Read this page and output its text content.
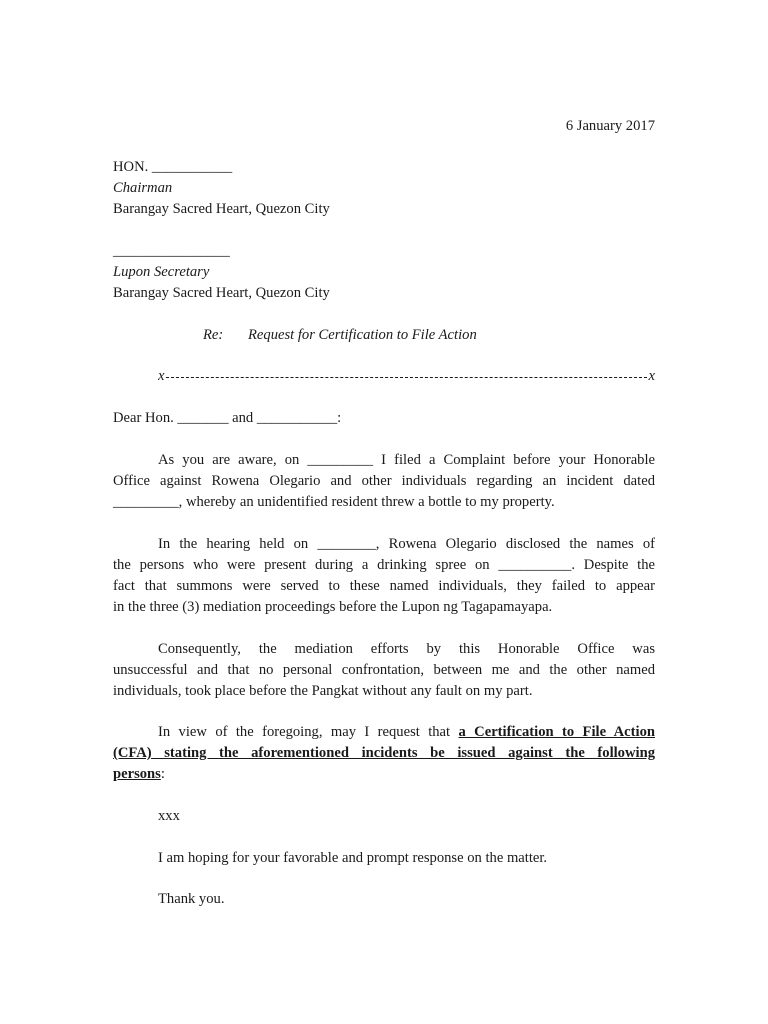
6 January 2017
HON. ___________
Chairman
Barangay Sacred Heart, Quezon City
________________
Lupon Secretary
Barangay Sacred Heart, Quezon City
Re:	Request for Certification to File Action
x	x
Dear Hon. _______ and ___________:
As you are aware, on _________ I filed a Complaint before your Honorable
Office against Rowena Olegario and other individuals regarding an incident dated
_________, whereby an unidentified resident threw a bottle to my property.
In the hearing held on ________, Rowena Olegario disclosed the names of
the persons who were present during a drinking spree on __________. Despite the
fact that summons were served to these named individuals, they failed to appear
in the three (3) mediation proceedings before the Lupon ng Tagapamayapa.
Consequently, the mediation efforts by this Honorable Office was
unsuccessful and that no personal confrontation, between me and the other named
individuals, took place before the Pangkat without any fault on my part.
In view of the foregoing, may I request that a Certification to File Action
(CFA) stating the aforementioned incidents be issued against the following
persons:
xxx
I am hoping for your favorable and prompt response on the matter.
Thank you.
